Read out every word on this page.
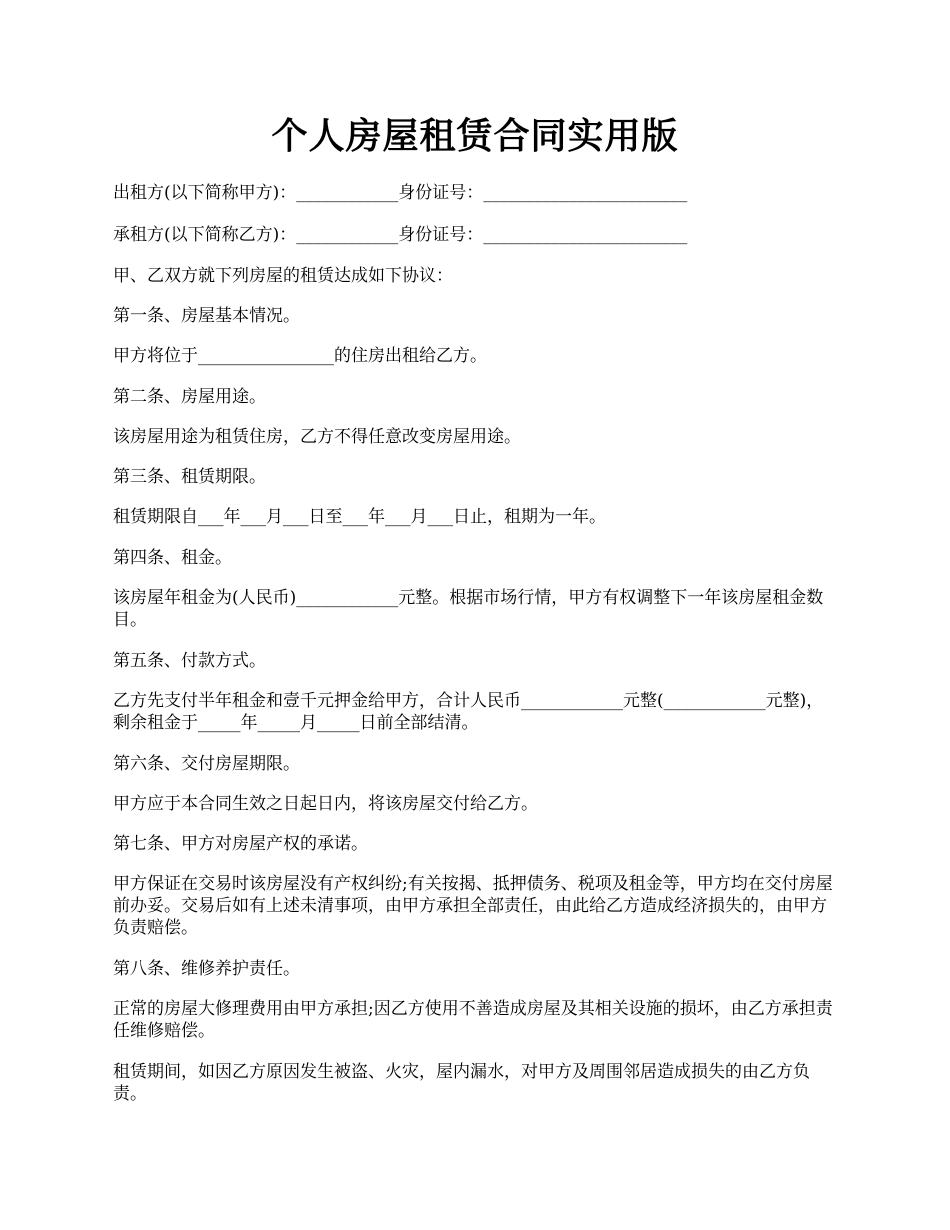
个人房屋租赁合同实用版
出租方(以下简称甲方)：____________身份证号：________________________
承租方(以下简称乙方)：____________身份证号：________________________
甲、乙双方就下列房屋的租赁达成如下协议：
第一条、房屋基本情况。
甲方将位于________________的住房出租给乙方。
第二条、房屋用途。
该房屋用途为租赁住房，乙方不得任意改变房屋用途。
第三条、租赁期限。
租赁期限自___年___月___日至___年___月___日止，租期为一年。
第四条、租金。
该房屋年租金为(人民币)____________元整。根据市场行情，甲方有权调整下一年该房屋租金数目。
第五条、付款方式。
乙方先支付半年租金和壹千元押金给甲方，合计人民币____________元整(____________元整)，剩余租金于_____年_____月_____日前全部结清。
第六条、交付房屋期限。
甲方应于本合同生效之日起日内，将该房屋交付给乙方。
第七条、甲方对房屋产权的承诺。
甲方保证在交易时该房屋没有产权纠纷;有关按揭、抵押债务、税项及租金等，甲方均在交付房屋前办妥。交易后如有上述未清事项，由甲方承担全部责任，由此给乙方造成经济损失的，由甲方负责赔偿。
第八条、维修养护责任。
正常的房屋大修理费用由甲方承担;因乙方使用不善造成房屋及其相关设施的损坏，由乙方承担责任维修赔偿。
租赁期间，如因乙方原因发生被盗、火灾，屋内漏水，对甲方及周围邻居造成损失的由乙方负责。
